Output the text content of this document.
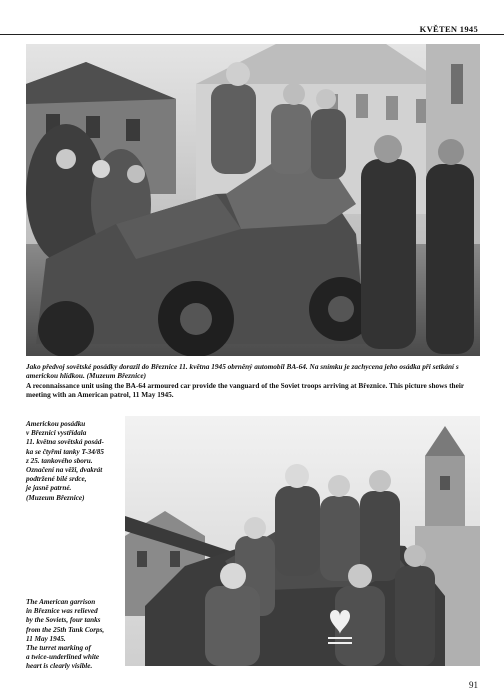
KVĚTEN 1945

Jako předvoj sovětské posádky dorazil do Březnice 11. května 1945 obrněný automobil BA-64. Na snímku je zachycena jeho osádka při setkání s americkou hlídkou. (Muzeum Březnice)

A reconnaissance unit using the BA-64 armoured car provide the vanguard of the Soviet troops arriving at Březnice. This picture shows their meeting with an American patrol, 11 May 1945.

Americkou posádku
v Březnici vystřídala
11. května sovětská posád-
ka se čtyřmi tanky T-34/85
z 25. tankového sboru.
Označení na věži, dvakrát
podtržené bílé srdce,
je jasně patrné.
(Muzeum Březnice)

The American garrison
in Březnice was relieved
by the Soviets, four tanks
from the 25th Tank Corps,
11 May 1945.
The turret marking of
a twice-underlined white
heart is clearly visible.

91
